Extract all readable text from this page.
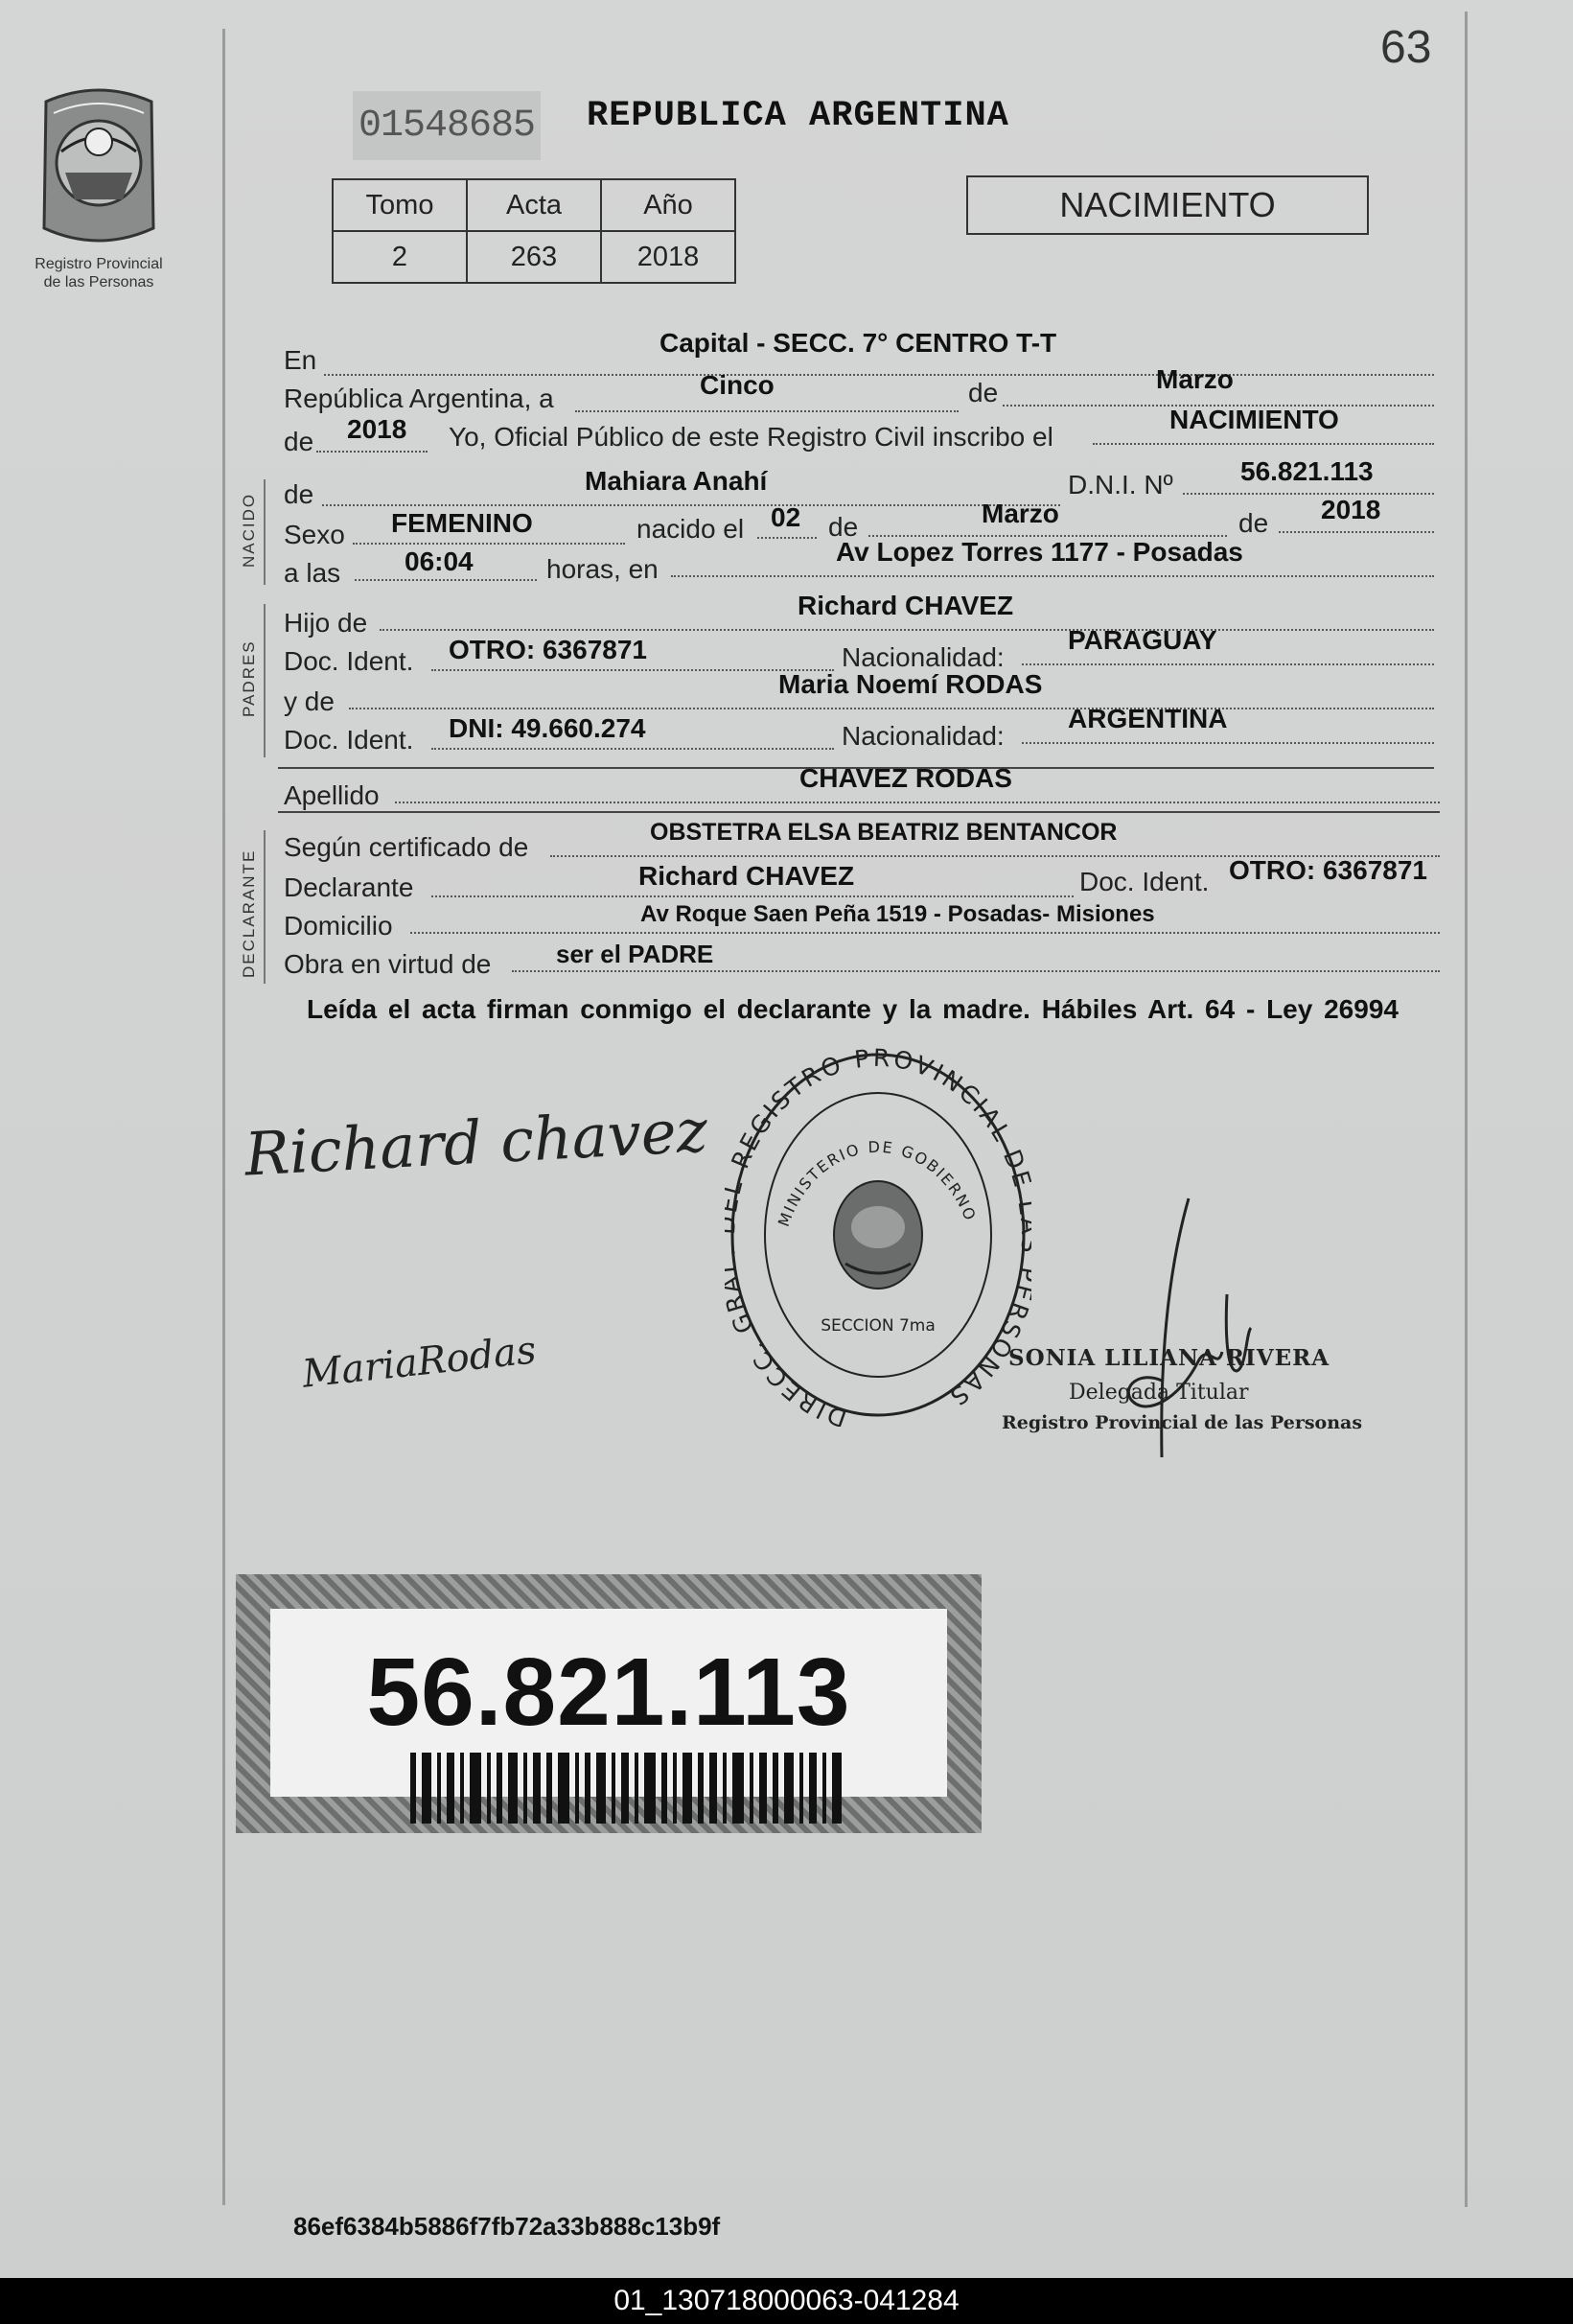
63
Registro Provincial
de las Personas
01548685 REPUBLICA ARGENTINA
Tomo	Acta	Año
2	263	2018
NACIMIENTO
En
Capital - SECC. 7° CENTRO T-T
República Argentina, a	Cinco	de	Marzo
de 2018 Yo, Oficial Público de este Registro Civil inscribo el
NACIMIENTO
NACIDO de	Mahiara Anahí	D.N.I. Nº	56.821.113
Sexo FEMENINO	nacido el 02 de	Marzo	de 2018
a las 06:04	horas, en
Av Lopez Torres 1177 - Posadas
PADRES
Hijo de
Richard CHAVEZ
Doc. Ident. OTRO: 6367871	Nacionalidad:
PARAGUAY
y de
Maria Noemí RODAS
Doc. Ident. DNI: 49.660.274	Nacionalidad:
ARGENTINA
Apellido
CHAVEZ RODAS
DECLARANTE
Según certificado de	OBSTETRA ELSA BEATRIZ BENTANCOR
Declarante	Richard CHAVEZ	Doc. Ident. OTRO: 6367871
Domicilio	Av Roque Saen Peña 1519 - Posadas- Misiones
Obra en virtud de	ser el PADRE
Leída el acta firman conmigo el declarante y la madre. Hábiles Art. 64 - Ley 26994
Richard chavez
MariaRodas
DIRECC. G REGISTRO PROVINCIAL D RSONAS
MINISTERIO DE GOBIERNO
SECCION 7ma
SONIA LILIANA RIVERA
Delegada Titular
Registro Provincial de las Personas
56.821.113
86ef6384b5886f7fb72a33b888c13b9f
01_130718000063-041284
